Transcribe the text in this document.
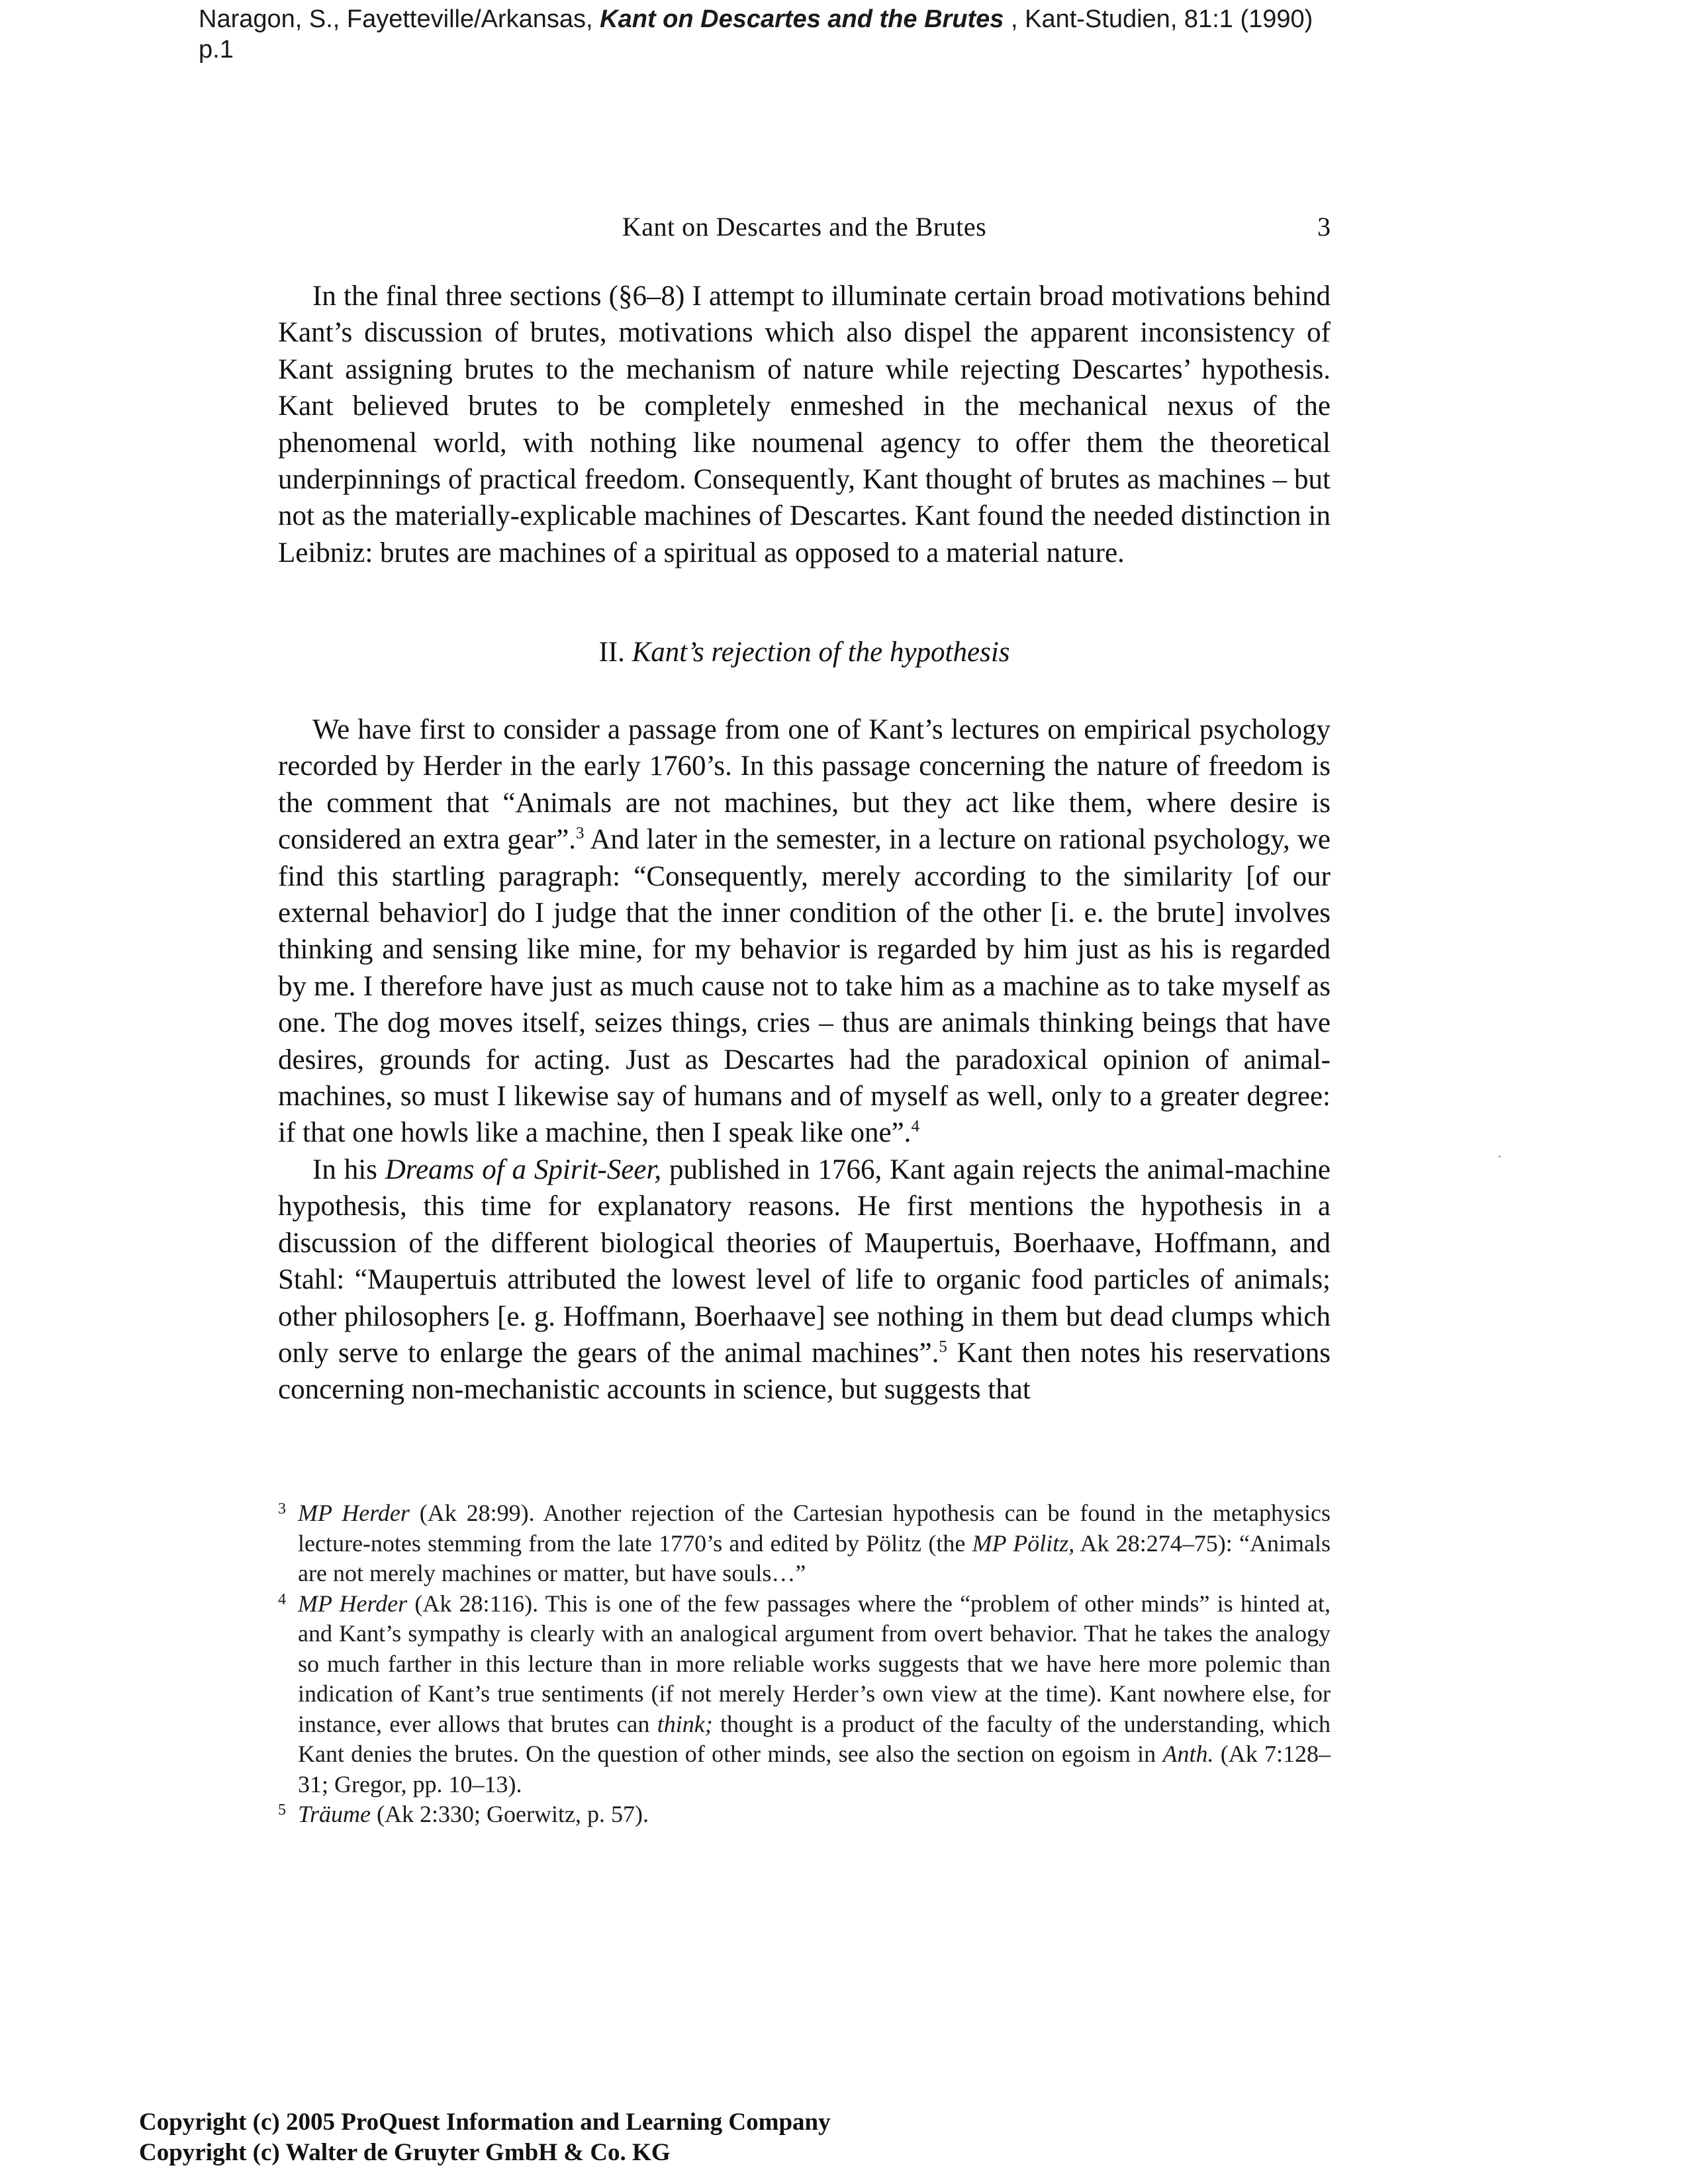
Naragon, S., Fayetteville/Arkansas, Kant on Descartes and the Brutes , Kant-Studien, 81:1 (1990)
p.1
Kant on Descartes and the Brutes	3

In the final three sections (§6–8) I attempt to illuminate certain broad motivations behind Kant’s discussion of brutes, motivations which also dispel the apparent inconsistency of Kant assigning brutes to the mechanism of nature while rejecting Descartes’ hypothesis. Kant believed brutes to be completely enmeshed in the mechanical nexus of the phenomenal world, with nothing like noumenal agency to offer them the theoretical underpinnings of practical freedom. Consequently, Kant thought of brutes as machines – but not as the materially-explicable machines of Descartes. Kant found the needed distinction in Leibniz: brutes are machines of a spiritual as opposed to a material nature.

II. Kant’s rejection of the hypothesis

We have first to consider a passage from one of Kant’s lectures on empirical psychology recorded by Herder in the early 1760’s. In this passage concerning the nature of freedom is the comment that “Animals are not machines, but they act like them, where desire is considered an extra gear”.$^3$ And later in the semester, in a lecture on rational psychology, we find this startling paragraph: “Consequently, merely according to the similarity [of our external behavior] do I judge that the inner condition of the other [i. e. the brute] involves thinking and sensing like mine, for my behavior is regarded by him just as his is regarded by me. I therefore have just as much cause not to take him as a machine as to take myself as one. The dog moves itself, seizes things, cries – thus are animals thinking beings that have desires, grounds for acting. Just as Descartes had the paradoxical opinion of animal-machines, so must I likewise say of humans and of myself as well, only to a greater degree: if that one howls like a machine, then I speak like one”.$^4$

In his Dreams of a Spirit-Seer, published in 1766, Kant again rejects the animal-machine hypothesis, this time for explanatory reasons. He first mentions the hypothesis in a discussion of the different biological theories of Maupertuis, Boerhaave, Hoffmann, and Stahl: “Maupertuis attributed the lowest level of life to organic food particles of animals; other philosophers [e. g. Hoffmann, Boerhaave] see nothing in them but dead clumps which only serve to enlarge the gears of the animal machines”.$^5$ Kant then notes his reservations concerning non-mechanistic accounts in science, but suggests that

3 MP Herder (Ak 28:99). Another rejection of the Cartesian hypothesis can be found in the metaphysics lecture-notes stemming from the late 1770’s and edited by Pölitz (the MP Pölitz, Ak 28:274–75): “Animals are not merely machines or matter, but have souls…”

4 MP Herder (Ak 28:116). This is one of the few passages where the “problem of other minds” is hinted at, and Kant’s sympathy is clearly with an analogical argument from overt behavior. That he takes the analogy so much farther in this lecture than in more reliable works suggests that we have here more polemic than indication of Kant’s true sentiments (if not merely Herder’s own view at the time). Kant nowhere else, for instance, ever allows that brutes can think; thought is a product of the faculty of the understanding, which Kant denies the brutes. On the question of other minds, see also the section on egoism in Anth. (Ak 7:128–31; Gregor, pp. 10–13).

5 Träume (Ak 2:330; Goerwitz, p. 57).

Copyright (c) 2005 ProQuest Information and Learning Company
Copyright (c) Walter de Gruyter GmbH & Co. KG
